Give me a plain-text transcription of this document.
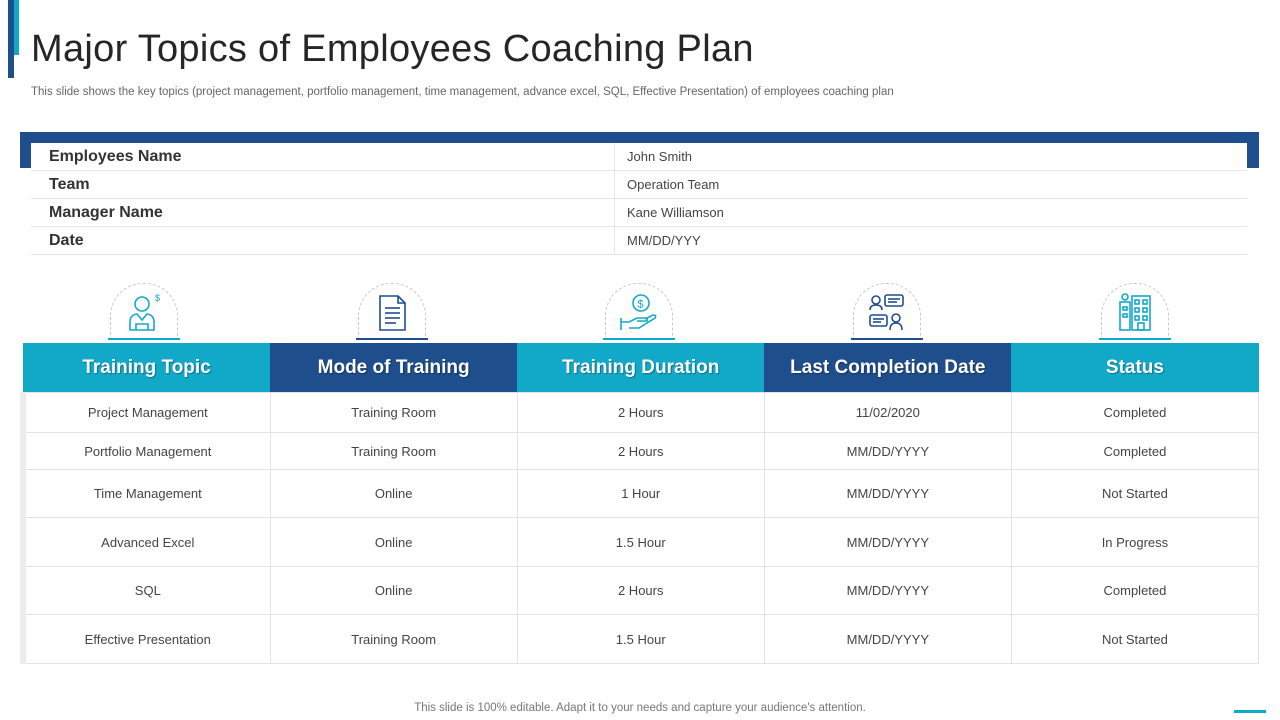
Major Topics of Employees Coaching Plan
This slide shows the key topics (project management, portfolio management, time management, advance excel, SQL, Effective Presentation) of employees coaching plan
Employees Name	John Smith
Team	Operation Team
Manager Name	Kane Williamson
Date	MM/DD/YYY
$
$
Training Topic	Mode of Training	Training Duration	Last Completion Date	Status
Project Management	Training Room	2 Hours	11/02/2020	Completed
Portfolio Management	Training Room	2 Hours	MM/DD/YYYY	Completed
Time Management	Online	1 Hour	MM/DD/YYYY	Not Started
Advanced Excel	Online	1.5 Hour	MM/DD/YYYY	In Progress
SQL	Online	2 Hours	MM/DD/YYYY	Completed
Effective Presentation	Training Room	1.5 Hour	MM/DD/YYYY	Not Started
This slide is 100% editable. Adapt it to your needs and capture your audience's attention.
